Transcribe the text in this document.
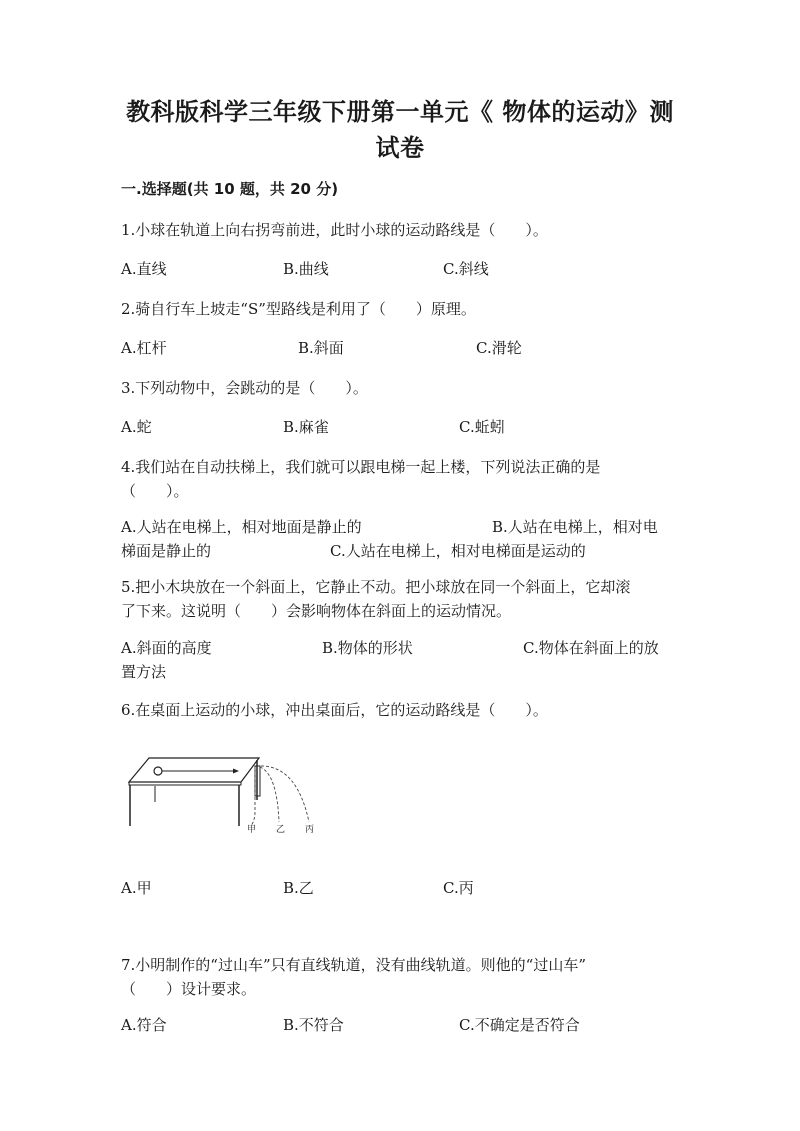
教科版科学三年级下册第一单元《 物体的运动》测
试卷
一.选择题(共 10 题，共 20 分)
1.小球在轨道上向右拐弯前进，此时小球的运动路线是（　　）。
A.直线	B.曲线	C.斜线
2.骑自行车上坡走“S”型路线是利用了（　　）原理。
A.杠杆	B.斜面	C.滑轮
3.下列动物中，会跳动的是（　　）。
A.蛇	B.麻雀	C.蚯蚓
4.我们站在自动扶梯上，我们就可以跟电梯一起上楼，下列说法正确的是
（　　）。
A.人站在电梯上，相对地面是静止的	B.人站在电梯上，相对电
梯面是静止的	C.人站在电梯上，相对电梯面是运动的
5.把小木块放在一个斜面上，它静止不动。把小球放在同一个斜面上，它却滚
了下来。这说明（　　）会影响物体在斜面上的运动情况。
A.斜面的高度	B.物体的形状	C.物体在斜面上的放
置方法
6.在桌面上运动的小球，冲出桌面后，它的运动路线是（　　）。
甲 乙 丙
A.甲	B.乙	C.丙
7.小明制作的“过山车”只有直线轨道，没有曲线轨道。则他的“过山车”
（　　）设计要求。
A.符合	B.不符合	C.不确定是否符合
